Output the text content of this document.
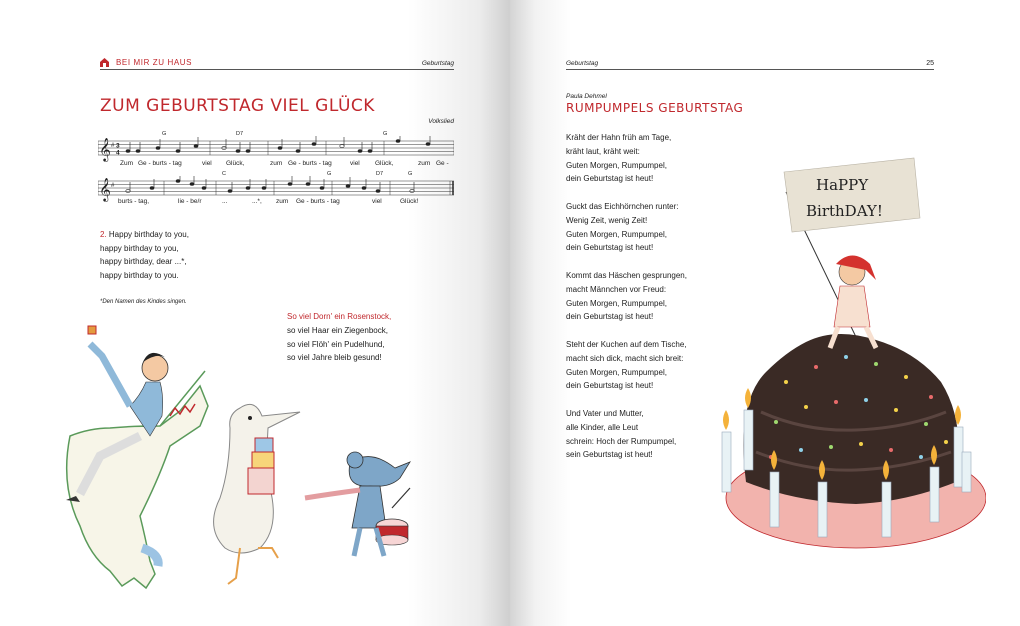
BEI MIR ZU HAUS	Geburtstag
ZUM GEBURTSTAG VIEL GLÜCK
Volkslied
𝄞 # 3
4
G	D7	G
Zum Ge - burts - tag	viel Glück,	zum Ge - burts - tag	viel Glück,	zum Ge -
𝄞 #
C	G	D7	G
burts - tag,	lie - be/r	...	...*, zum Ge - burts - tag	viel	Glück!
2. Happy birthday to you,
happy birthday to you,
happy birthday, dear ...*,
happy birthday to you.
*Den Namen des Kindes singen.
So viel Dorn' ein Rosenstock,
so viel Haar ein Ziegenbock,
so viel Flöh' ein Pudelhund,
so viel Jahre bleib gesund!
Geburtstag	25
Paula Dehmel
RUMPUMPELS GEBURTSTAG
Kräht der Hahn früh am Tage,
kräht laut, kräht weit:
Guten Morgen, Rumpumpel,
dein Geburtstag ist heut!
Guckt das Eichhörnchen runter:
Wenig Zeit, wenig Zeit!
Guten Morgen, Rumpumpel,
dein Geburtstag ist heut!
Kommt das Häschen gesprungen,
macht Männchen vor Freud:
Guten Morgen, Rumpumpel,
dein Geburtstag ist heut!
Steht der Kuchen auf dem Tische,
macht sich dick, macht sich breit:
Guten Morgen, Rumpumpel,
dein Geburtstag ist heut!
Und Vater und Mutter,
alle Kinder, alle Leut
schrein: Hoch der Rumpumpel,
sein Geburtstag ist heut!
HaPPY
BirthDAY!
